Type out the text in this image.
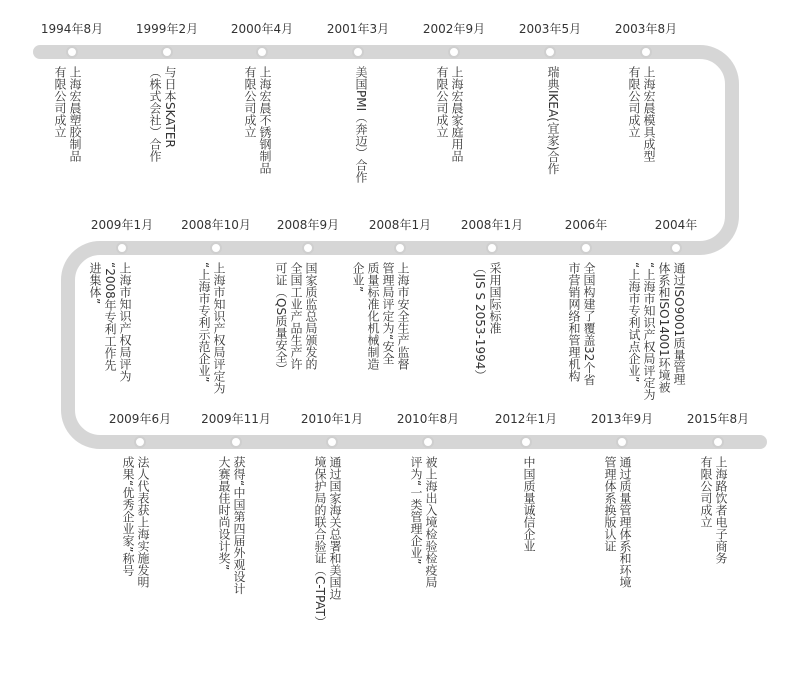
1994年8月
上海宏晨塑胶制品
有限公司成立
1999年2月
与日本SKATER
（株式会社）合作
2000年4月
上海宏晨不锈钢制品
有限公司成立
2001年3月
美国PMI（奔迈）合作
2002年9月
上海宏晨家庭用品
有限公司成立
2003年5月
瑞典IKEA(宜家)合作
2003年8月
上海宏晨模具成型
有限公司成立
2004年
通过ISO9001质量管理
体系和ISO14001环境被
“上海市知识产权局评定为
“上海市专利试点企业”
2006年
全国构建了覆盖32个省
市营销网络和管理机构
2008年1月
采用国际标准
（JIS S 2053-1994）
2008年1月
上海市安全生产监督
管理局评定为“安全
质量标准化机械制造
企业”
2008年9月
国家质监总局颁发的
全国工业产品生产许
可证（QS质量安全）
2008年10月
上海市知识产权局评定为
“上海市专利示范企业”
2009年1月
上海市知识产权局评为
“2008年专利工作先
进集体”
2009年6月
法人代表获上海实施发明
成果“优秀企业家”称号
2009年11月
获得“中国第四届外观设计
大赛最佳时尚设计奖”
2010年1月
通过国家海关总署和美国边
境保护局的联合验证（C-TPAT）
2010年8月
被上海出入境检验检疫局
评为“一类管理企业”
2012年1月
中国质量诚信企业
2013年9月
通过质量管理体系和环境
管理体系换版认证
2015年8月
上海路饮者电子商务
有限公司成立
